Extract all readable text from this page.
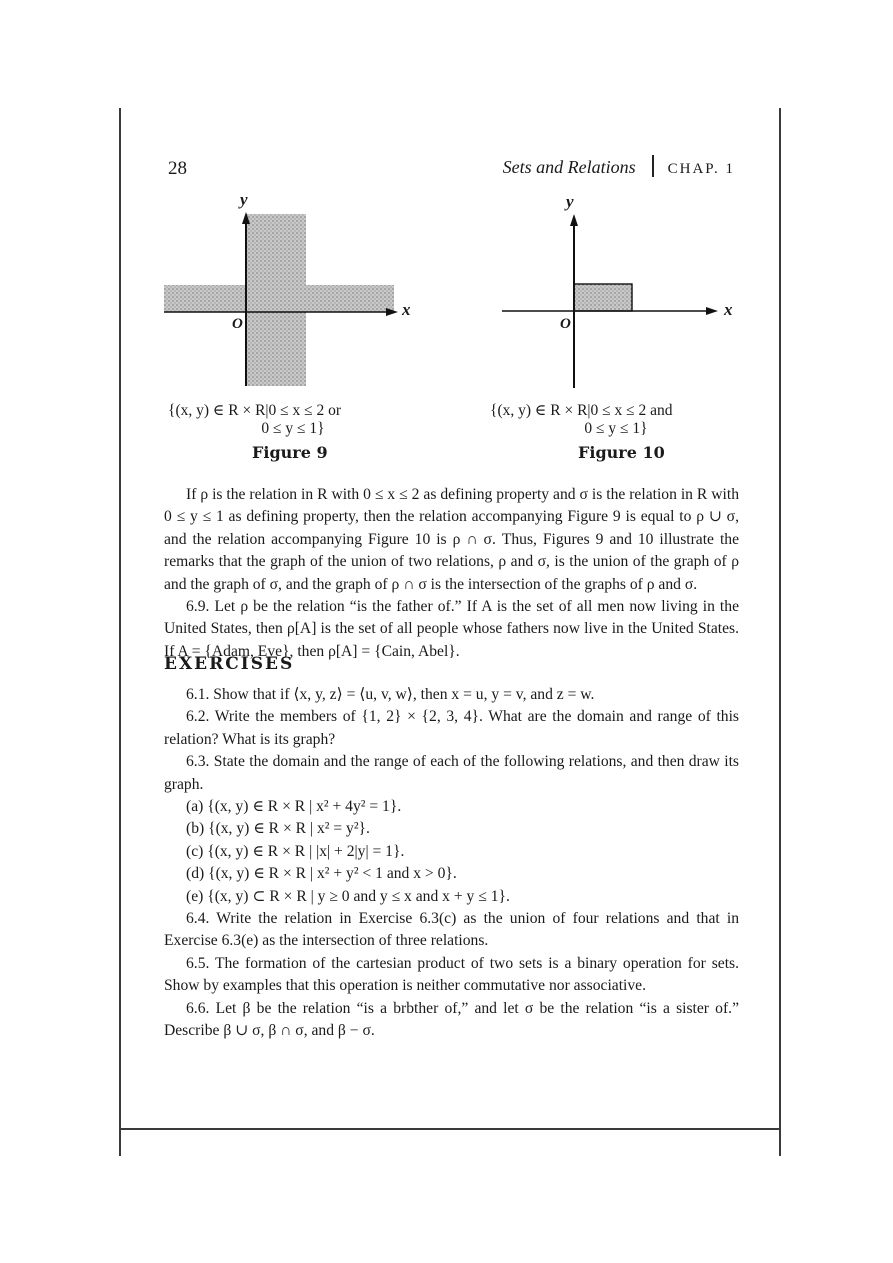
28	Sets and Relations CHAP. 1
y
x
O
{(x, y) ∈ R × R|0 ≤ x ≤ 2 or
0 ≤ y ≤ 1}
Figure 9
y
x
O
{(x, y) ∈ R × R|0 ≤ x ≤ 2 and
0 ≤ y ≤ 1}
Figure 10

If ρ is the relation in R with 0 ≤ x ≤ 2 as defining property and σ is the relation in R with 0 ≤ y ≤ 1 as defining property, then the relation accompanying Figure 9 is equal to ρ ∪ σ, and the relation accompanying Figure 10 is ρ ∩ σ. Thus, Figures 9 and 10 illustrate the remarks that the graph of the union of two relations, ρ and σ, is the union of the graph of ρ and the graph of σ, and the graph of ρ ∩ σ is the intersection of the graphs of ρ and σ.

6.9. Let ρ be the relation “is the father of.” If A is the set of all men now living in the United States, then ρ[A] is the set of all people whose fathers now live in the United States. If A = {Adam, Eve}, then ρ[A] = {Cain, Abel}.

EXERCISES

6.1. Show that if ⟨x, y, z⟩ = ⟨u, v, w⟩, then x = u, y = v, and z = w.

6.2. Write the members of {1, 2} × {2, 3, 4}. What are the domain and range of this relation? What is its graph?

6.3. State the domain and the range of each of the following relations, and then draw its graph.

(a) {(x, y) ∈ R × R | x² + 4y² = 1}.

(b) {(x, y) ∈ R × R | x² = y²}.

(c) {(x, y) ∈ R × R | |x| + 2|y| = 1}.

(d) {(x, y) ∈ R × R | x² + y² < 1 and x > 0}.

(e) {(x, y) ⊂ R × R | y ≥ 0 and y ≤ x and x + y ≤ 1}.

6.4. Write the relation in Exercise 6.3(c) as the union of four relations and that in Exercise 6.3(e) as the intersection of three relations.

6.5. The formation of the cartesian product of two sets is a binary operation for sets. Show by examples that this operation is neither commutative nor associative.

6.6. Let β be the relation “is a brbther of,” and let σ be the relation “is a sister of.” Describe β ∪ σ, β ∩ σ, and β − σ.
